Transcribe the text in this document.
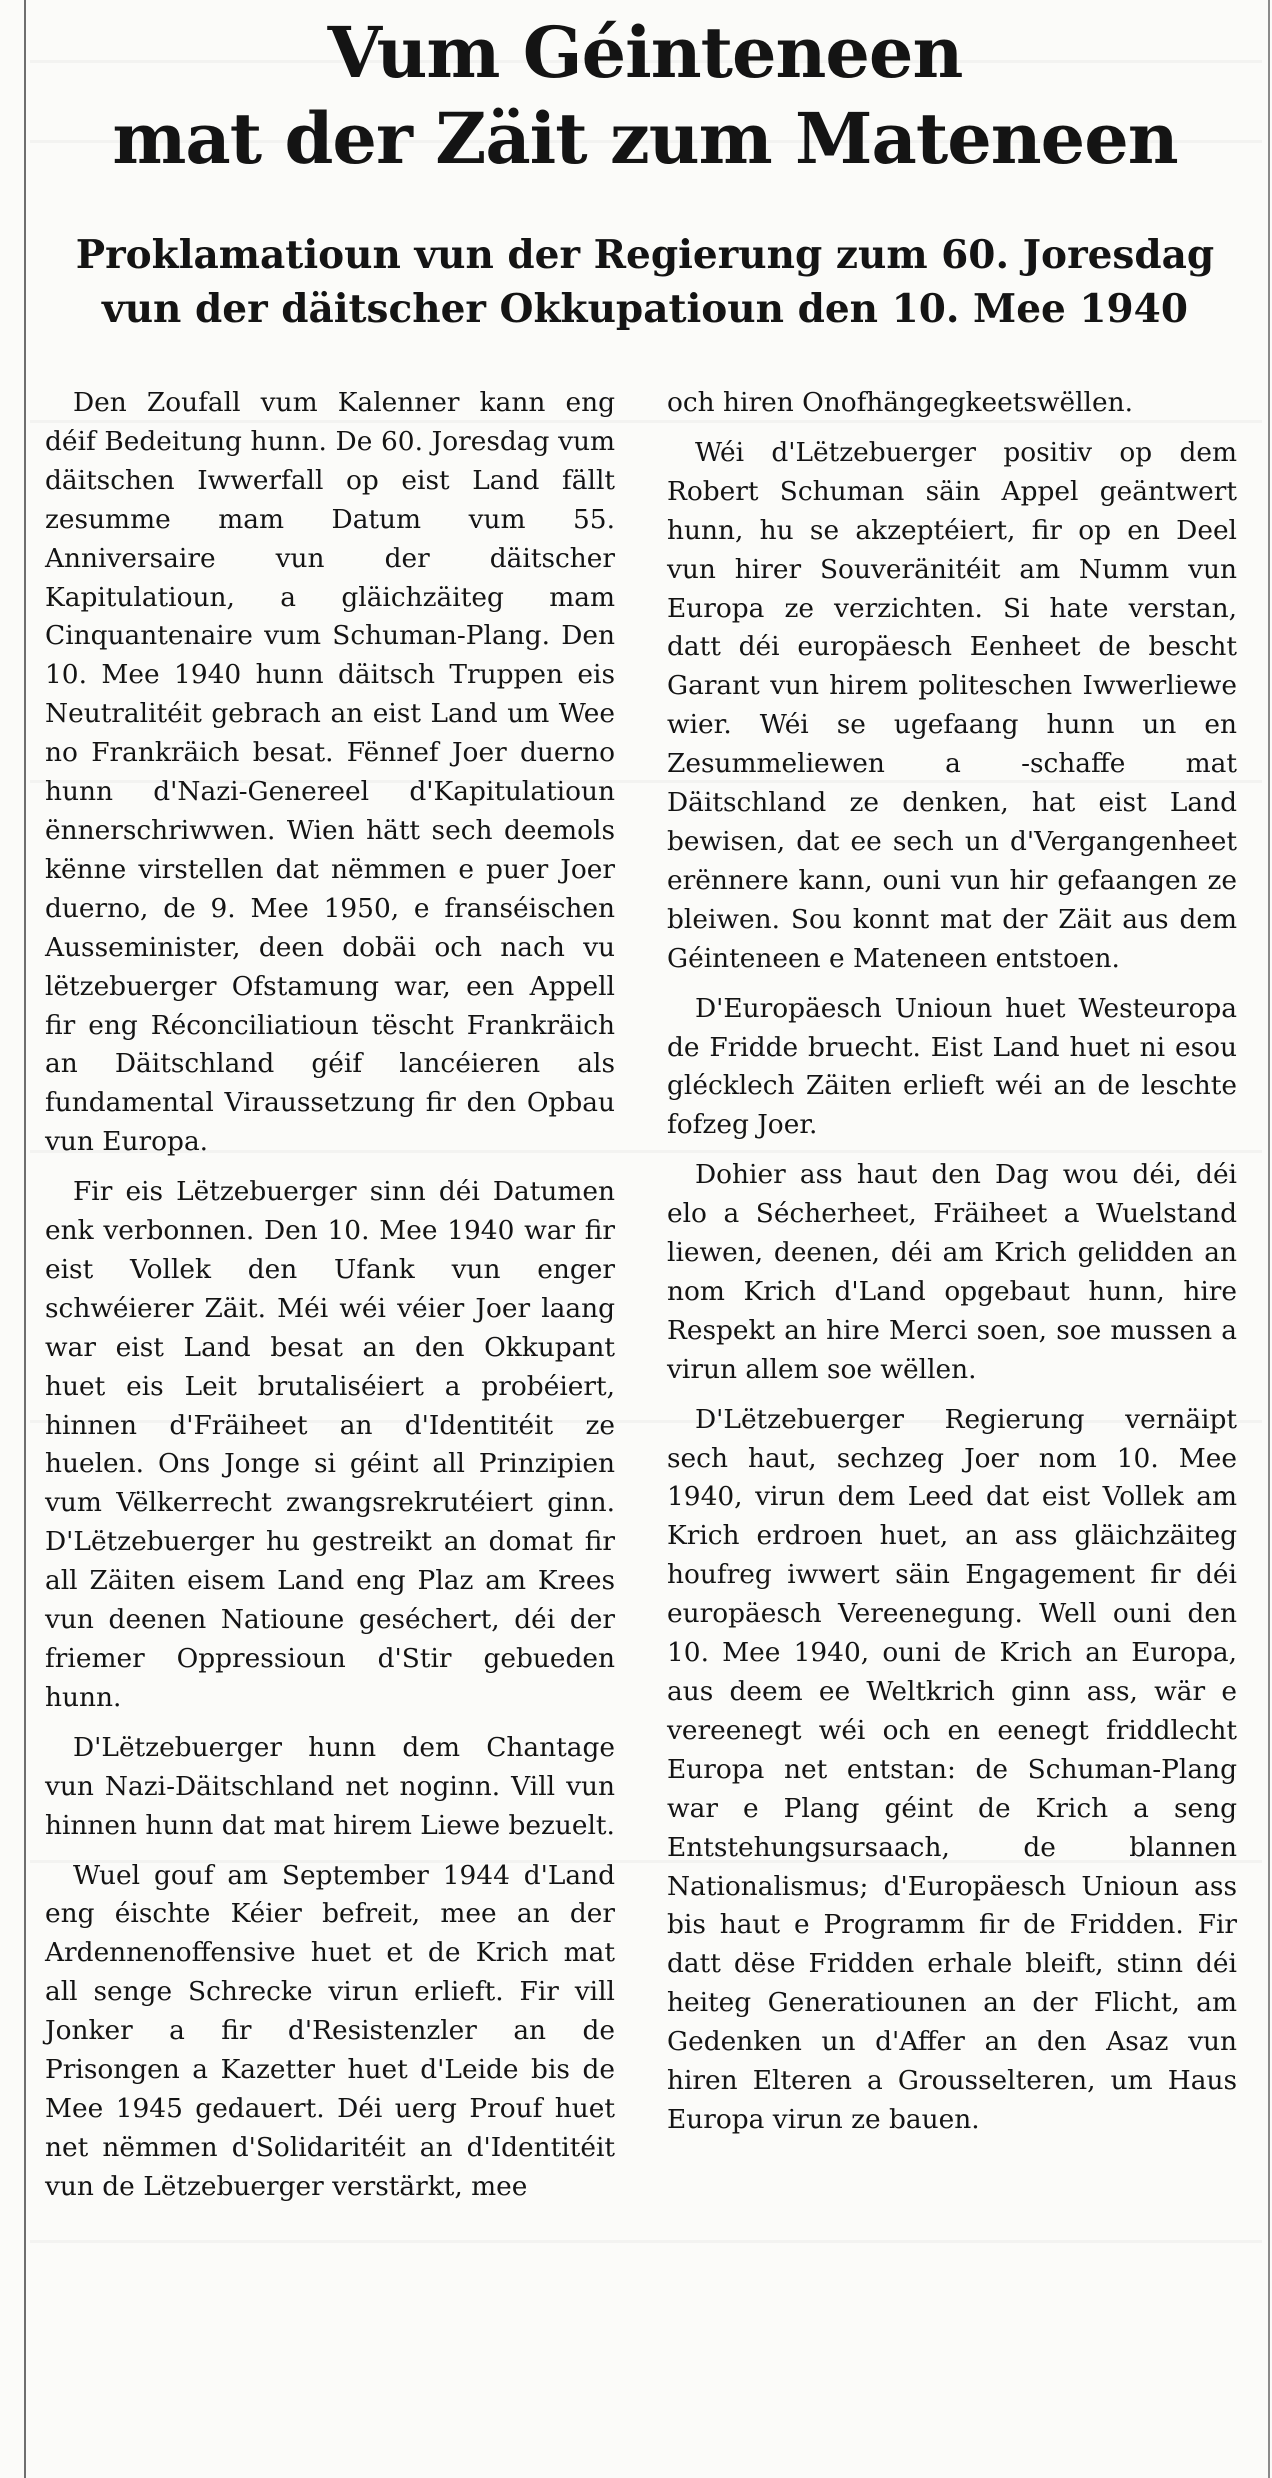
Vum Géinteneen
mat der Zäit zum Mateneen
Proklamatioun vun der Regierung zum 60. Joresdag
vun der däitscher Okkupatioun den 10. Mee 1940

Den Zoufall vum Kalenner kann eng déif Bedeitung hunn. De 60. Joresdag vum däitschen Iwwerfall op eist Land fällt zesumme mam Datum vum 55. Anniversaire vun der däitscher Kapitulatioun, a gläichzäiteg mam Cinquantenaire vum Schuman-Plang. Den 10. Mee 1940 hunn däitsch Truppen eis Neutralitéit gebrach an eist Land um Wee no Frankräich besat. Fënnef Joer duerno hunn d'Nazi-Genereel d'Kapitulatioun ënnerschriwwen. Wien hätt sech deemols kënne virstellen dat nëmmen e puer Joer duerno, de 9. Mee 1950, e franséischen Ausseminister, deen dobäi och nach vu lëtzebuerger Ofstamung war, een Appell fir eng Réconciliatioun tëscht Frankräich an Däitschland géif lancéieren als fundamental Viraussetzung fir den Opbau vun Europa.

Fir eis Lëtzebuerger sinn déi Datumen enk verbonnen. Den 10. Mee 1940 war fir eist Vollek den Ufank vun enger schwéierer Zäit. Méi wéi véier Joer laang war eist Land besat an den Okkupant huet eis Leit brutaliséiert a probéiert, hinnen d'Fräiheet an d'Identitéit ze huelen. Ons Jonge si géint all Prinzipien vum Vëlkerrecht zwangsrekrutéiert ginn. D'Lëtzebuerger hu gestreikt an domat fir all Zäiten eisem Land eng Plaz am Krees vun deenen Natioune geséchert, déi der friemer Oppressioun d'Stir gebueden hunn.

D'Lëtzebuerger hunn dem Chantage vun Nazi-Däitschland net noginn. Vill vun hinnen hunn dat mat hirem Liewe bezuelt.

Wuel gouf am September 1944 d'Land eng éischte Kéier befreit, mee an der Ardennenoffensive huet et de Krich mat all senge Schrecke virun erlieft. Fir vill Jonker a fir d'Resistenzler an de Prisongen a Kazetter huet d'Leide bis de Mee 1945 gedauert. Déi uerg Prouf huet net nëmmen d'Solidaritéit an d'Identitéit vun de Lëtzebuerger verstärkt, mee

och hiren Onofhängegkeetswëllen.

Wéi d'Lëtzebuerger positiv op dem Robert Schuman säin Appel geäntwert hunn, hu se akzeptéiert, fir op en Deel vun hirer Souveränitéit am Numm vun Europa ze verzichten. Si hate verstan, datt déi europäesch Eenheet de bescht Garant vun hirem politeschen Iwwerliewe wier. Wéi se ugefaang hunn un en Zesummeliewen a -schaffe mat Däitschland ze denken, hat eist Land bewisen, dat ee sech un d'Vergangenheet erënnere kann, ouni vun hir gefaangen ze bleiwen. Sou konnt mat der Zäit aus dem Géinteneen e Mateneen entstoen.

D'Europäesch Unioun huet Westeuropa de Fridde bruecht. Eist Land huet ni esou glécklech Zäiten erlieft wéi an de leschte fofzeg Joer.

Dohier ass haut den Dag wou déi, déi elo a Sécherheet, Fräiheet a Wuelstand liewen, deenen, déi am Krich gelidden an nom Krich d'Land opgebaut hunn, hire Respekt an hire Merci soen, soe mussen a virun allem soe wëllen.

D'Lëtzebuerger Regierung vernäipt sech haut, sechzeg Joer nom 10. Mee 1940, virun dem Leed dat eist Vollek am Krich erdroen huet, an ass gläichzäiteg houfreg iwwert säin Engagement fir déi europäesch Vereenegung. Well ouni den 10. Mee 1940, ouni de Krich an Europa, aus deem ee Weltkrich ginn ass, wär e vereenegt wéi och en eenegt friddlecht Europa net entstan: de Schuman-Plang war e Plang géint de Krich a seng Entstehungsursaach, de blannen Nationalismus; d'Europäesch Unioun ass bis haut e Programm fir de Fridden. Fir datt dëse Fridden erhale bleift, stinn déi heiteg Generatiounen an der Flicht, am Gedenken un d'Affer an den Asaz vun hiren Elteren a Grousselteren, um Haus Europa virun ze bauen.
